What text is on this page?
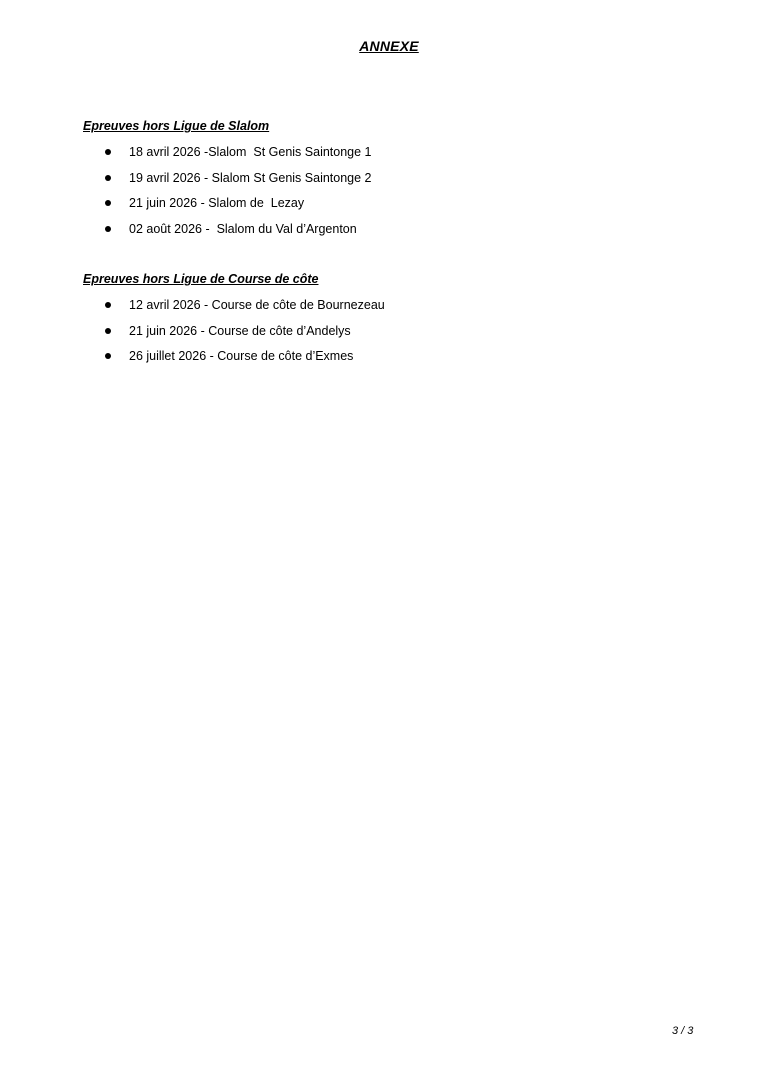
ANNEXE
Epreuves hors Ligue de Slalom
18 avril 2026 -Slalom  St Genis Saintonge 1
19 avril 2026 - Slalom St Genis Saintonge 2
21 juin 2026 - Slalom de  Lezay
02 août 2026 -  Slalom du Val d’Argenton
Epreuves hors Ligue de Course de côte
12 avril 2026 - Course de côte de Bournezeau
21 juin 2026 - Course de côte d’Andelys
26 juillet 2026 - Course de côte d’Exmes
3 / 3
